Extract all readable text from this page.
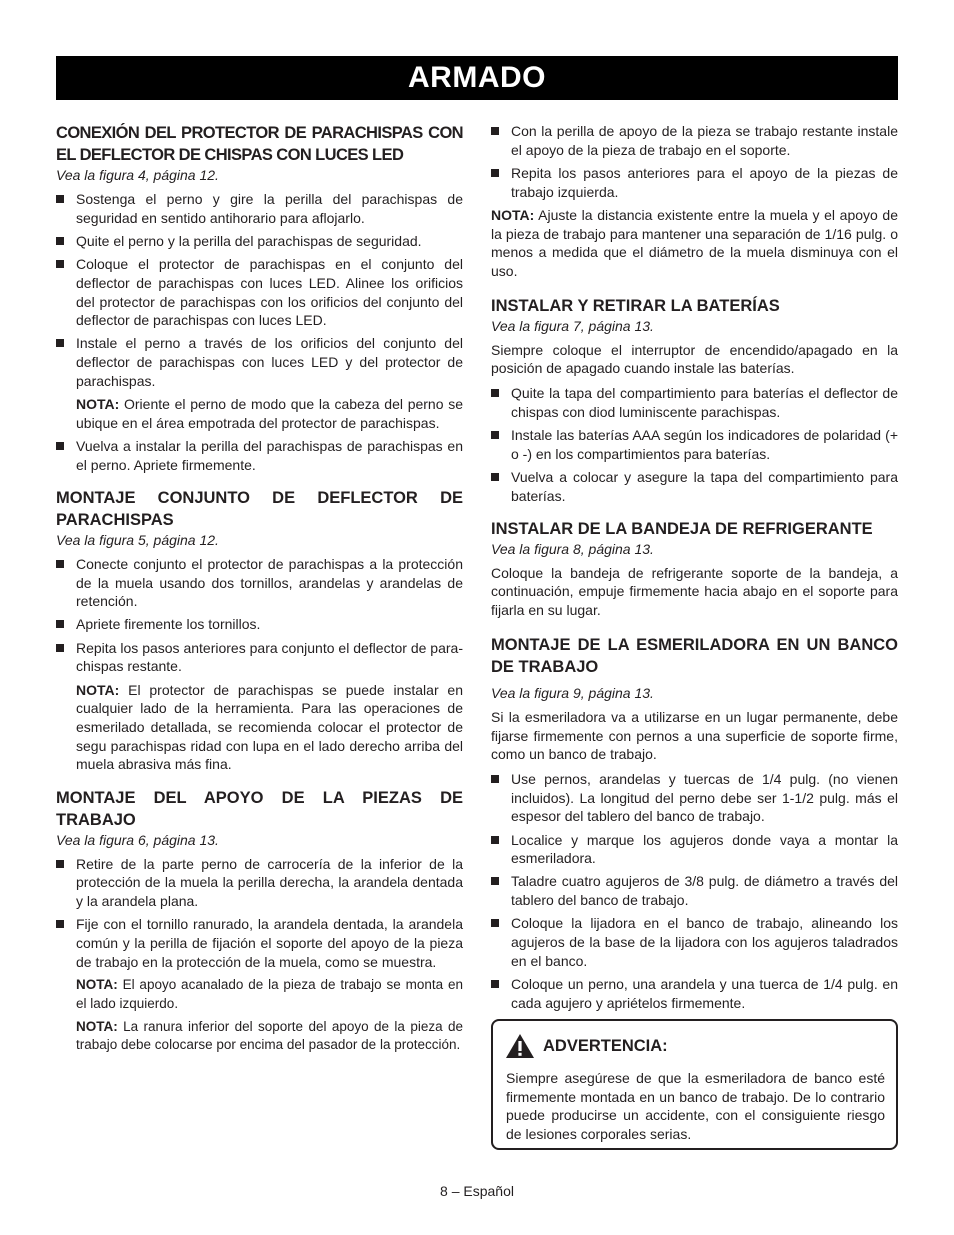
ARMADO
CONEXIÓN DEL PROTECTOR DE PARACHISPAS CON EL DEFLECTOR DE CHISPAS CON LUCES LED
Vea la figura 4, página 12.
Sostenga el perno y gire la perilla del parachispas de seguridad en sentido antihorario para aflojarlo.
Quite el perno y la perilla del parachispas de seguridad.
Coloque el protector de parachispas en el conjunto del deflector de parachispas con luces LED. Alinee los orificios del protector de parachispas con los orificios del conjunto del deflector de parachispas con luces LED.
Instale el perno a través de los orificios del conjunto del deflector de parachispas con luces LED y del protector de parachispas.
NOTA: Oriente el perno de modo que la cabeza del perno se ubique en el área empotrada del protector de parachispas.
Vuelva a instalar la perilla del parachispas de parachispas en el perno. Apriete firmemente.
MONTAJE CONJUNTO DE DEFLECTOR DE PARACHISPAS
Vea la figura 5, página 12.
Conecte conjunto el protector de parachispas a la protección de la muela usando dos tornillos, arandelas y arandelas de retención.
Apriete firemente los tornillos.
Repita los pasos anteriores para conjunto el deflector de para- chispas restante.
NOTA: El protector de parachispas se puede instalar en cualquier lado de la herramienta. Para las operaciones de esmerilado detallada, se recomienda colocar el protector de segu parachispas ridad con lupa en el lado derecho arriba del muela abrasiva más fina.
MONTAJE DEL APOYO DE LA PIEZAS DE TRABAJO
Vea la figura 6, página 13.
Retire de la parte perno de carrocería de la inferior de la protección de la muela la perilla derecha, la arandela dentada y la arandela plana.
Fije con el tornillo ranurado, la arandela dentada, la arandela común y la perilla de fijación el soporte del apoyo de la pieza de trabajo en la protección de la muela, como se muestra.
NOTA: El apoyo acanalado de la pieza de trabajo se monta en el lado izquierdo.
NOTA: La ranura inferior del soporte del apoyo de la pieza de trabajo debe colocarse por encima del pasador de la protección.
Con la perilla de apoyo de la pieza se trabajo restante instale el apoyo de la pieza de trabajo en el soporte.
Repita los pasos anteriores para el apoyo de la piezas de trabajo izquierda.

NOTA: Ajuste la distancia existente entre la muela y el apoyo de la pieza de trabajo para mantener una separación de 1/16 pulg. o menos a medida que el diámetro de la muela disminuya con el uso.

INSTALAR Y RETIRAR LA BATERÍAS
Vea la figura 7, página 13.

Siempre coloque el interruptor de encendido/apagado en la posición de apagado cuando instale las baterías.

Quite la tapa del compartimiento para baterías el deflector de chispas con diod luminiscente parachispas.
Instale las baterías AAA según los indicadores de polaridad (+ o -) en los compartimientos para baterías.
Vuelva a colocar y asegure la tapa del compartimiento para baterías.
INSTALAR DE LA BANDEJA DE REFRIGERANTE
Vea la figura 8, página 13.

Coloque la bandeja de refrigerante soporte de la bandeja, a continuación, empuje firmemente hacia abajo en el soporte para fijarla en su lugar.

MONTAJE DE LA ESMERILADORA EN UN BANCO DE TRABAJO
Vea la figura 9, página 13.

Si la esmeriladora va a utilizarse en un lugar permanente, debe fijarse firmemente con pernos a una superficie de soporte firme, como un banco de trabajo.

Use pernos, arandelas y tuercas de 1/4 pulg. (no vienen incluidos). La longitud del perno debe ser 1-1/2 pulg. más el espesor del tablero del banco de trabajo.
Localice y marque los agujeros donde vaya a montar la esmeriladora.
Taladre cuatro agujeros de 3/8 pulg. de diámetro a través del tablero del banco de trabajo.
Coloque la lijadora en el banco de trabajo, alineando los agujeros de la base de la lijadora con los agujeros taladrados en el banco.
Coloque un perno, una arandela y una tuerca de 1/4 pulg. en cada agujero y apriételos firmemente.
ADVERTENCIA:
Siempre asegúrese de que la esmeriladora de banco esté firmemente montada en un banco de trabajo. De lo contrario puede producirse un accidente, con el consiguiente riesgo de lesiones corporales serias.
8 – Español
